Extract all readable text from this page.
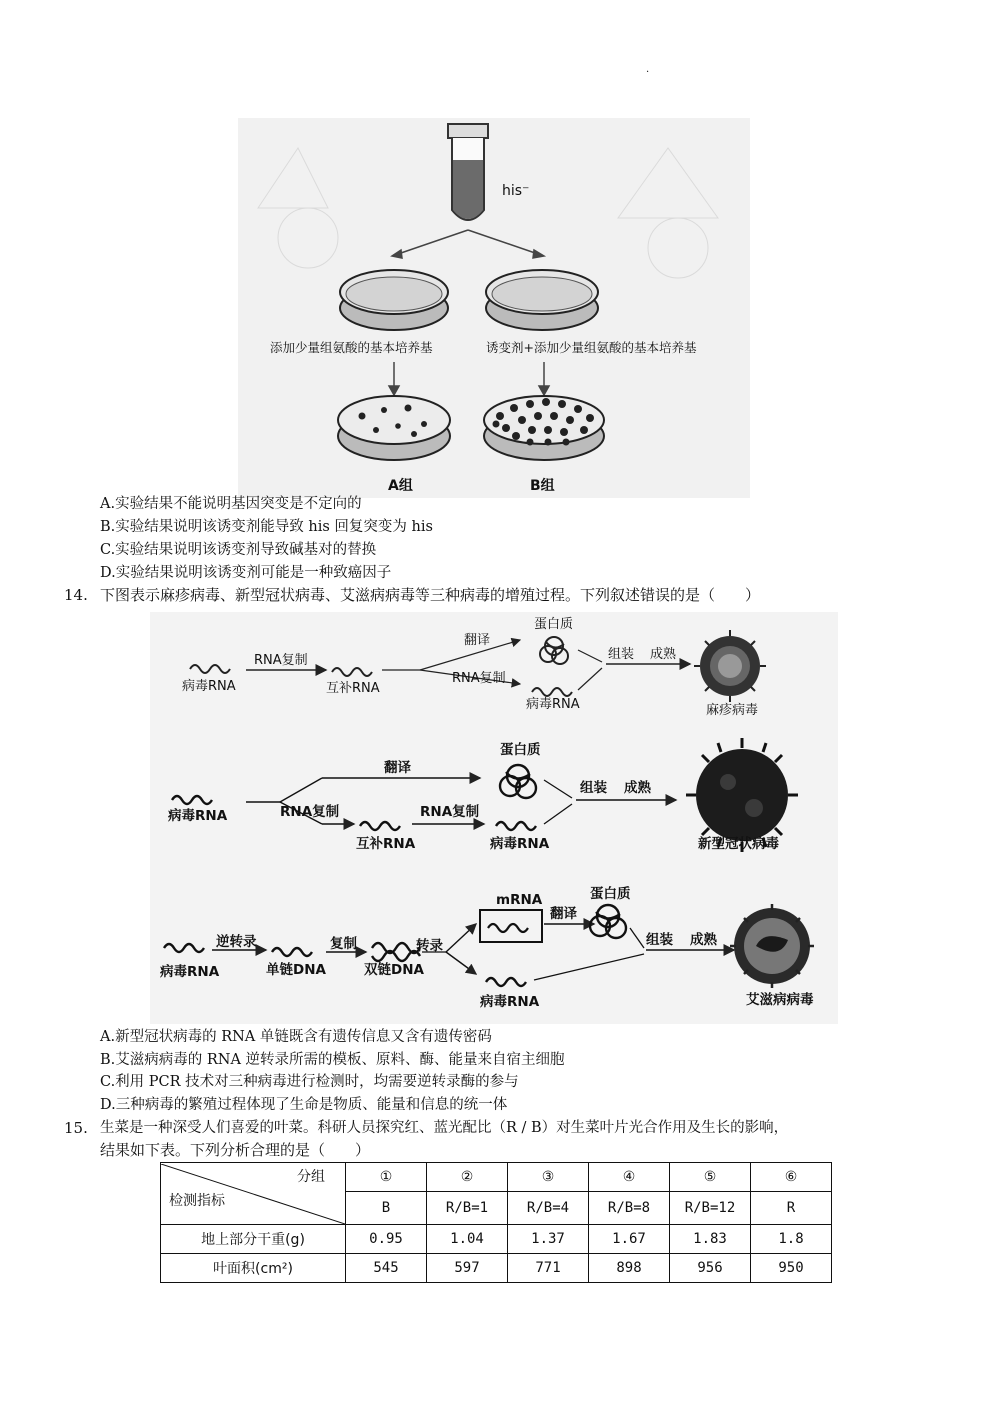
.
his⁻
添加少量组氨酸的基本培养基	诱变剂+添加少量组氨酸的基本培养基
A组	B组
A.实验结果不能说明基因突变是不定向的
B.实验结果说明该诱变剂能导致 his 回复突变为 his
C.实验结果说明该诱变剂导致碱基对的替换
D.实验结果说明该诱变剂可能是一种致癌因子
14. 下图表示麻疹病毒、新型冠状病毒、艾滋病病毒等三种病毒的增殖过程。下列叙述错误的是（　　）
病毒RNA
RNA复制
互补RNA
翻译
RNA复制
蛋白质
病毒RNA
组装 成熟
麻疹病毒
病毒RNA
翻译
RNA复制
互补RNA
RNA复制
蛋白质
病毒RNA
组装 成熟
新型冠状病毒
病毒RNA
逆转录
单链DNA
复制
双链DNA
转录
mRNA
翻译
蛋白质
病毒RNA
组装 成熟
艾滋病病毒
A.新型冠状病毒的 RNA 单链既含有遗传信息又含有遗传密码
B.艾滋病病毒的 RNA 逆转录所需的模板、原料、酶、能量来自宿主细胞
C.利用 PCR 技术对三种病毒进行检测时，均需要逆转录酶的参与
D.三种病毒的繁殖过程体现了生命是物质、能量和信息的统一体
15. 生菜是一种深受人们喜爱的叶菜。科研人员探究红、蓝光配比（R / B）对生菜叶片光合作用及生长的影响，
结果如下表。下列分析合理的是（　　）
分组
检测指标	①	②	③	④	⑤	⑥
	B	R/B=1	R/B=4	R/B=8	R/B=12	R
地上部分干重(g)	0.95	1.04	1.37	1.67	1.83	1.8
叶面积(cm²)	545	597	771	898	956	950
